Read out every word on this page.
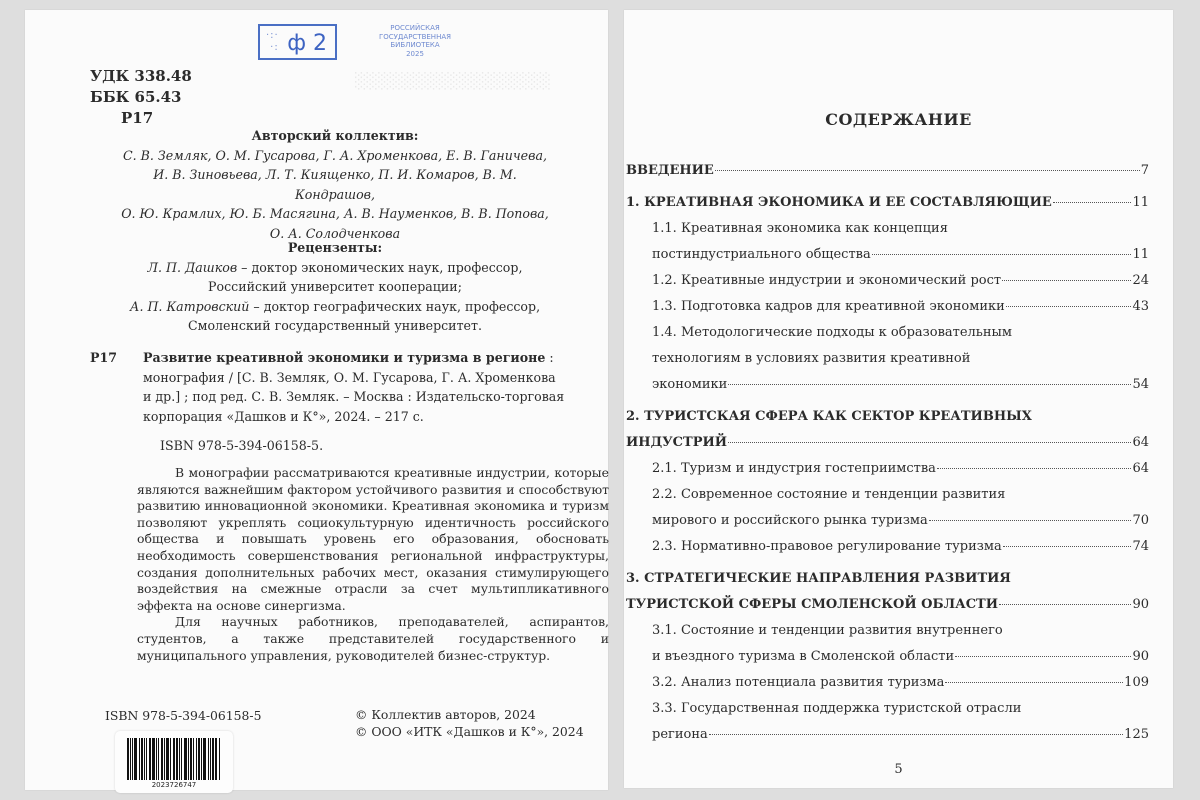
░░░░░░░░░░░░░░░░░
УДК 338.48
ББК 65.43
Р17
·:·
·: ф 2
РОССИЙСКАЯ
ГОСУДАРСТВЕННАЯ
БИБЛИОТЕКА
2025
Авторский коллектив:
С. В. Земляк, О. М. Гусарова, Г. А. Хроменкова, Е. В. Ганичева,
И. В. Зиновьева, Л. Т. Киященко, П. И. Комаров, В. М. Кондрашов,
О. Ю. Крамлих, Ю. Б. Масягина, А. В. Науменков, В. В. Попова,
О. А. Солодченкова
Рецензенты:
Л. П. Дашков – доктор экономических наук, профессор,
Российский университет кооперации;
А. П. Катровский – доктор географических наук, профессор,
Смоленский государственный университет.
Р17 Развитие креативной экономики и туризма в регионе :
монография / [С. В. Земляк, О. М. Гусарова, Г. А. Хроменкова
и др.] ; под ред. С. В. Земляк. – Москва : Издательско-торговая
корпорация «Дашков и К°», 2024. – 217 с.
ISBN 978-5-394-06158-5.

В монографии рассматриваются креативные индустрии, которые являются важнейшим фактором устойчивого развития и способствуют развитию инновационной экономики. Креативная экономика и туризм позволяют укреплять социокультурную идентичность российского общества и повышать уровень его образования, обосновать необходимость совершенствования региональной инфраструктуры, создания дополнительных рабочих мест, оказания стимулирующего воздействия на смежные отрасли за счет мультипликативного эффекта на основе синергизма.

Для научных работников, преподавателей, аспирантов, студентов, а также представителей государственного и муниципального управления, руководителей бизнес-структур.

ISBN 978-5-394-06158-5	© Коллектив авторов, 2024
© ООО «ИТК «Дашков и К°», 2024
2023726747
СОДЕРЖАНИЕ
ВВЕДЕНИЕ	7
1. КРЕАТИВНАЯ ЭКОНОМИКА И ЕЕ СОСТАВЛЯЮЩИЕ	11
1.1. Креативная экономика как концепция
постиндустриального общества	11
1.2. Креативные индустрии и экономический рост	24
1.3. Подготовка кадров для креативной экономики	43
1.4. Методологические подходы к образовательным
технологиям в условиях развития креативной
экономики	54
2. ТУРИСТСКАЯ СФЕРА КАК СЕКТОР КРЕАТИВНЫХ
ИНДУСТРИЙ	64
2.1. Туризм и индустрия гостеприимства	64
2.2. Современное состояние и тенденции развития
мирового и российского рынка туризма	70
2.3. Нормативно-правовое регулирование туризма	74
3. СТРАТЕГИЧЕСКИЕ НАПРАВЛЕНИЯ РАЗВИТИЯ
ТУРИСТСКОЙ СФЕРЫ СМОЛЕНСКОЙ ОБЛАСТИ	90
3.1. Состояние и тенденции развития внутреннего
и въездного туризма в Смоленской области	90
3.2. Анализ потенциала развития туризма	109
3.3. Государственная поддержка туристской отрасли
региона	125
5
